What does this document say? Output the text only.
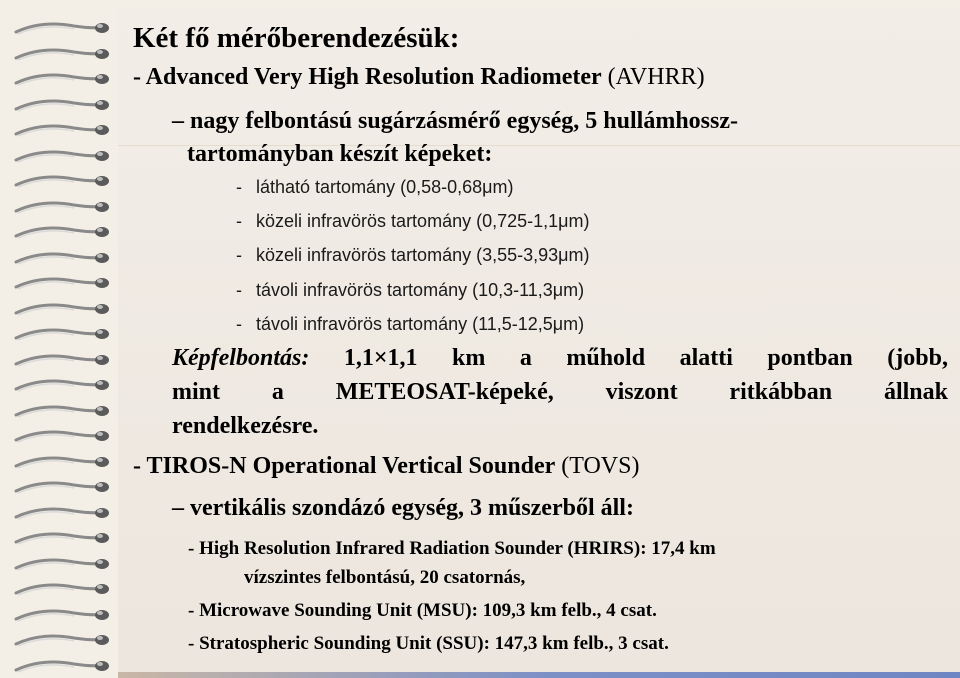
Két fő mérőberendezésük:
- Advanced Very High Resolution Radiometer (AVHRR)
– nagy felbontású sugárzásmérő egység, 5 hullámhossz-
tartományban készít képeket:
- látható tartomány (0,58-0,68μm)
- közeli infravörös tartomány (0,725-1,1μm)
- közeli infravörös tartomány (3,55-3,93μm)
- távoli infravörös tartomány (10,3-11,3μm)
- távoli infravörös tartomány (11,5-12,5μm)
Képfelbontás: 1,1×1,1 km a műhold alatti pontban (jobb,
mint a METEOSAT-képeké, viszont ritkábban állnak
rendelkezésre.
- TIROS-N Operational Vertical Sounder (TOVS)
– vertikális szondázó egység, 3 műszerből áll:
- High Resolution Infrared Radiation Sounder (HRIRS): 17,4 km
vízszintes felbontású, 20 csatornás,
- Microwave Sounding Unit (MSU): 109,3 km felb., 4 csat.
- Stratospheric Sounding Unit (SSU): 147,3 km felb., 3 csat.
